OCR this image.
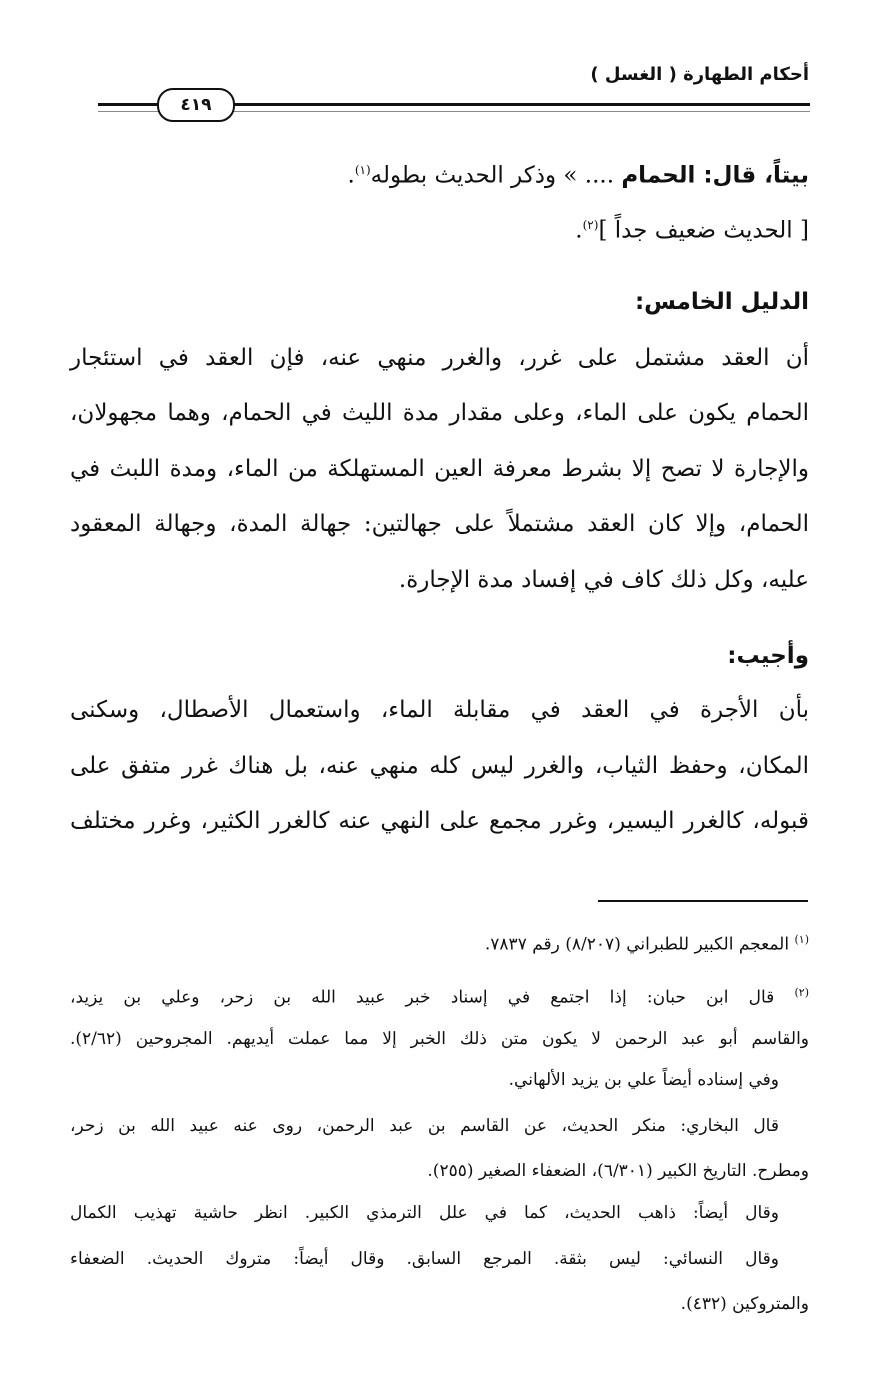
أحكام الطهارة ( الغسل )
٤١٩
بيتاً، قال: الحمام .... » وذكر الحديث بطوله$^{(١)}$.
[ الحديث ضعيف جداً ]$^{(٢)}$.
الدليل الخامس:
أن العقد مشتمل على غرر، والغرر منهي عنه، فإن العقد في استئجار
الحمام يكون على الماء، وعلى مقدار مدة الليث في الحمام، وهما مجهولان،
والإجارة لا تصح إلا بشرط معرفة العين المستهلكة من الماء، ومدة اللبث في
الحمام، وإلا كان العقد مشتملاً على جهالتين: جهالة المدة، وجهالة المعقود
عليه، وكل ذلك كاف في إفساد مدة الإجارة.
وأجيب:
بأن الأجرة في العقد في مقابلة الماء، واستعمال الأصطال، وسكنى
المكان، وحفظ الثياب، والغرر ليس كله منهي عنه، بل هناك غرر متفق على
قبوله، كالغرر اليسير، وغرر مجمع على النهي عنه كالغرر الكثير، وغرر مختلف
$^{(١)}$ المعجم الكبير للطبراني (٨/٢٠٧) رقم ٧٨٣٧.
$^{(٢)}$ قال ابن حبان: إذا اجتمع في إسناد خبر عبيد الله بن زحر، وعلي بن يزيد،
والقاسم أبو عبد الرحمن لا يكون متن ذلك الخبر إلا مما عملت أيديهم. المجروحين (٢/٦٢).
وفي إسناده أيضاً علي بن يزيد الألهاني.
قال البخاري: منكر الحديث، عن القاسم بن عبد الرحمن، روى عنه عبيد الله بن زحر،
ومطرح. التاريخ الكبير (٦/٣٠١)، الضعفاء الصغير (٢٥٥).
وقال أيضاً: ذاهب الحديث، كما في علل الترمذي الكبير. انظر حاشية تهذيب الكمال
وقال النسائي: ليس بثقة. المرجع السابق. وقال أيضاً: متروك الحديث. الضعفاء
والمتروكين (٤٣٢).
